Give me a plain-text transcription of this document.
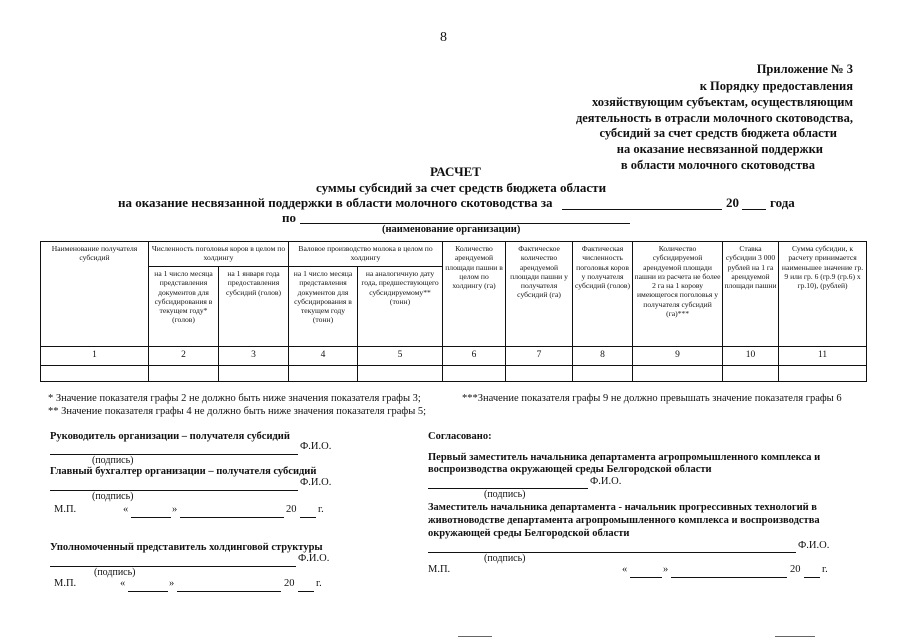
8
Приложение № 3
к Порядку предоставления
хозяйствующим субъектам, осуществляющим
деятельность в отрасли молочного скотоводства,
субсидий за счет средств бюджета области
на оказание несвязанной поддержки
в области молочного скотоводства
РАСЧЕТ
суммы субсидий за счет средств бюджета области
на оказание несвязанной поддержки в области молочного скотоводства за	20 года
по
(наименование организации)
Наименование получателя субсидий	Численность поголовья коров в целом по холдингу		Валовое производство молока в целом по холдингу		Количество арендуемой площади пашни в целом по холдингу (га)	Фактическое количество арендуемой площади пашни у получателя субсидий (га)	Фактическая численность поголовья коров у получателя субсидий (голов)	Количество субсидируемой арендуемой площади пашни из расчета не более 2 га на 1 корову имеющегося поголовья у получателя субсидий (га)***	Ставка субсидии 3 000 рублей на 1 га арендуемой площади пашни	Сумма субсидии, к расчету принимается наименьшее значение гр. 9 или гр. 6 (гр.9 (гр.6) х гр.10), (рублей)
	на 1 число месяца представления документов для субсидирования в текущем году* (голов)	на 1 января года предоставления субсидий (голов)	на 1 число месяца представления документов для субсидирования в текущем году (тонн)	на аналогичную дату года, предшествующего субсидируемому** (тонн)						
1	2	3	4	5	6	7	8	9	10	11

* Значение показателя графы 2 не должно быть ниже значения показателя графы 3;	***Значение показателя графы 9 не должно превышать значение показателя графы 6
** Значение показателя графы 4 не должно быть ниже значения показателя графы 5;
Руководитель организации – получателя субсидий
Ф.И.О.
(подпись)
Главный бухгалтер организации – получателя субсидий
Ф.И.О.
(подпись)
М.П.	«	»	20 г.
Уполномоченный представитель холдинговой структуры
Ф.И.О.
(подпись)
М.П.	«	»	20 г.
Согласовано:
Первый заместитель начальника департамента агропромышленного комплекса и
воспроизводства окружающей среды Белгородской области
Ф.И.О.
(подпись)
Заместитель начальника департамента - начальник прогрессивных технологий в
животноводстве департамента агропромышленного комплекса и воспроизводства
окружающей среды Белгородской области
Ф.И.О.
(подпись)
М.П.	«	»	20 г.
